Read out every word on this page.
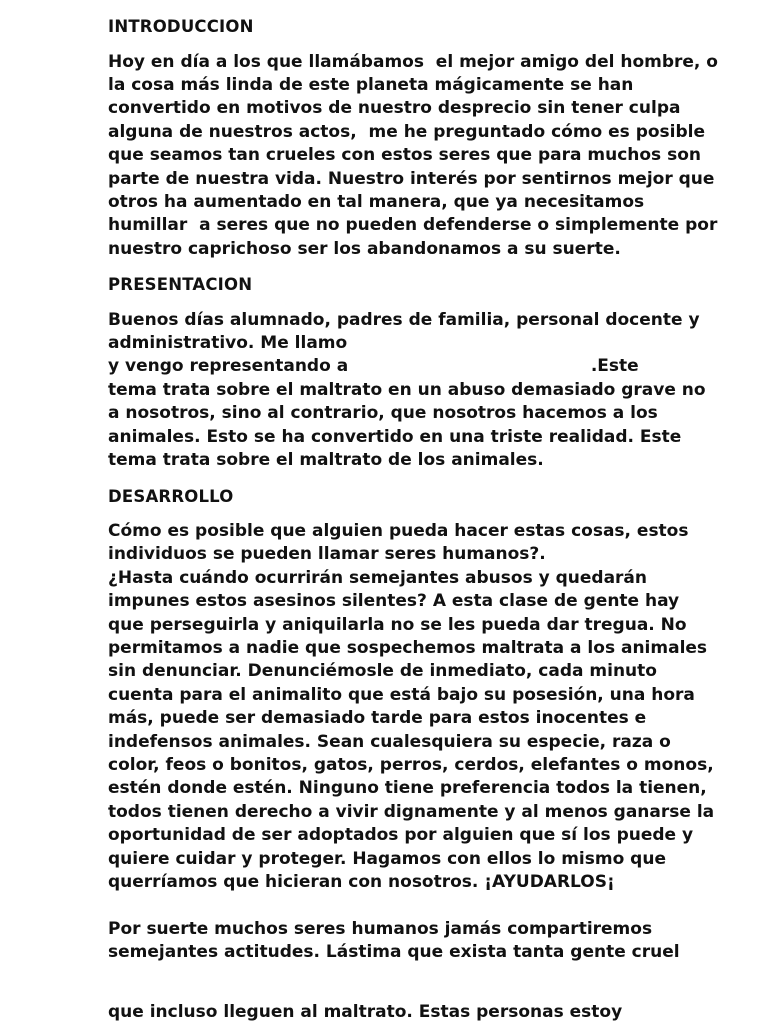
INTRODUCCION
Hoy en día a los que llamábamos  el mejor amigo del hombre, o
la cosa más linda de este planeta mágicamente se han
convertido en motivos de nuestro desprecio sin tener culpa
alguna de nuestros actos,  me he preguntado cómo es posible
que seamos tan crueles con estos seres que para muchos son
parte de nuestra vida. Nuestro interés por sentirnos mejor que
otros ha aumentado en tal manera, que ya necesitamos
humillar  a seres que no pueden defenderse o simplemente por
nuestro caprichoso ser los abandonamos a su suerte.
PRESENTACION
Buenos días alumnado, padres de familia, personal docente y
administrativo. Me llamo
y vengo representando a                                         .Este
tema trata sobre el maltrato en un abuso demasiado grave no
a nosotros, sino al contrario, que nosotros hacemos a los
animales. Esto se ha convertido en una triste realidad. Este
tema trata sobre el maltrato de los animales.
DESARROLLO
Cómo es posible que alguien pueda hacer estas cosas, estos
individuos se pueden llamar seres humanos?.
¿Hasta cuándo ocurrirán semejantes abusos y quedarán
impunes estos asesinos silentes? A esta clase de gente hay
que perseguirla y aniquilarla no se les pueda dar tregua. No
permitamos a nadie que sospechemos maltrata a los animales
sin denunciar. Denunciémosle de inmediato, cada minuto
cuenta para el animalito que está bajo su posesión, una hora
más, puede ser demasiado tarde para estos inocentes e
indefensos animales. Sean cualesquiera su especie, raza o
color, feos o bonitos, gatos, perros, cerdos, elefantes o monos,
estén donde estén. Ninguno tiene preferencia todos la tienen,
todos tienen derecho a vivir dignamente y al menos ganarse la
oportunidad de ser adoptados por alguien que sí los puede y
quiere cuidar y proteger. Hagamos con ellos lo mismo que
querríamos que hicieran con nosotros. ¡AYUDARLOS¡
Por suerte muchos seres humanos jamás compartiremos
semejantes actitudes. Lástima que exista tanta gente cruel
que incluso lleguen al maltrato. Estas personas estoy
